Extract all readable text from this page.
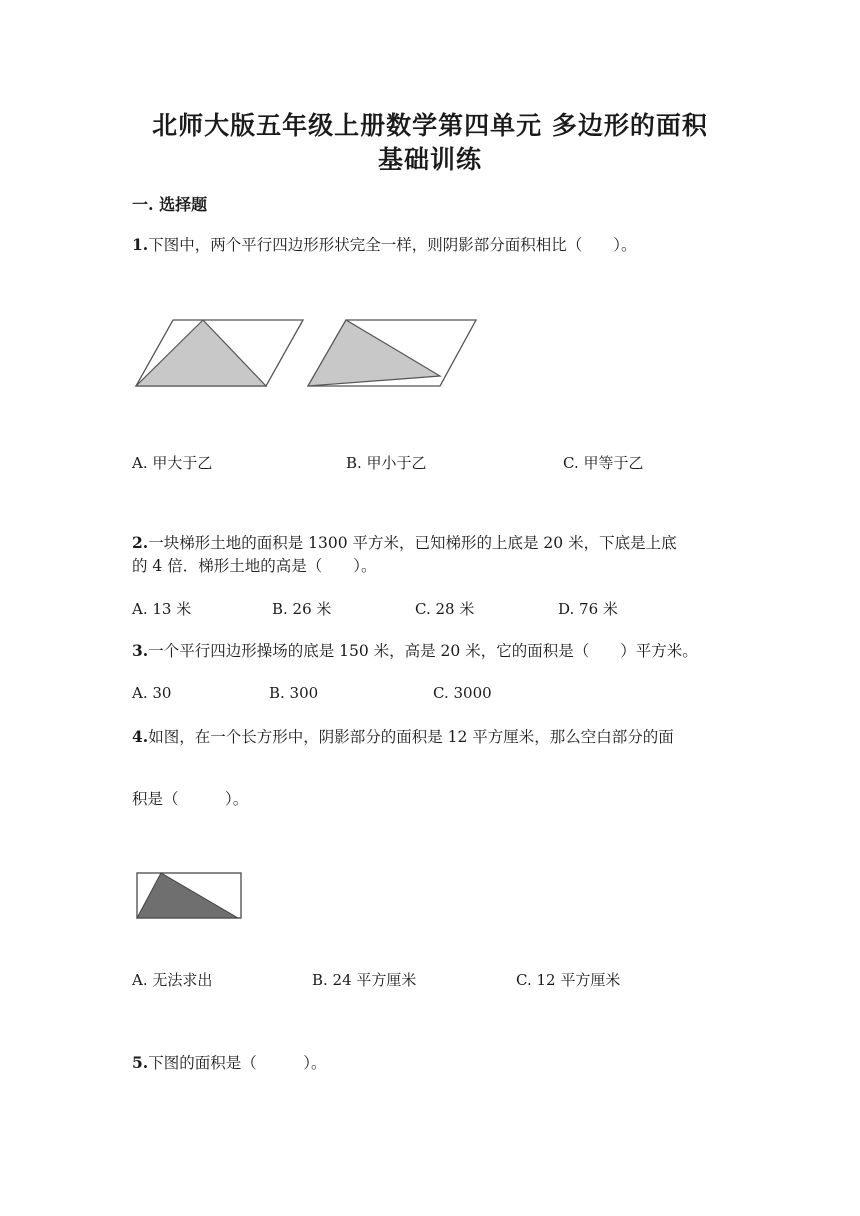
北师大版五年级上册数学第四单元 多边形的面积
基础训练
一. 选择题
1.下图中，两个平行四边形形状完全一样，则阴影部分面积相比（　　）。
A. 甲大于乙	B. 甲小于乙	C. 甲等于乙
2.一块梯形土地的面积是 1300 平方米，已知梯形的上底是 20 米，下底是上底
的 4 倍．梯形土地的高是（　　）。
A. 13 米	B. 26 米	C. 28 米	D. 76 米
3.一个平行四边形操场的底是 150 米，高是 20 米，它的面积是（　　）平方米。
A. 30	B. 300	C. 3000
4.如图，在一个长方形中，阴影部分的面积是 12 平方厘米，那么空白部分的面
积是（　　　）。
A. 无法求出	B. 24 平方厘米	C. 12 平方厘米
5.下图的面积是（　　　）。
